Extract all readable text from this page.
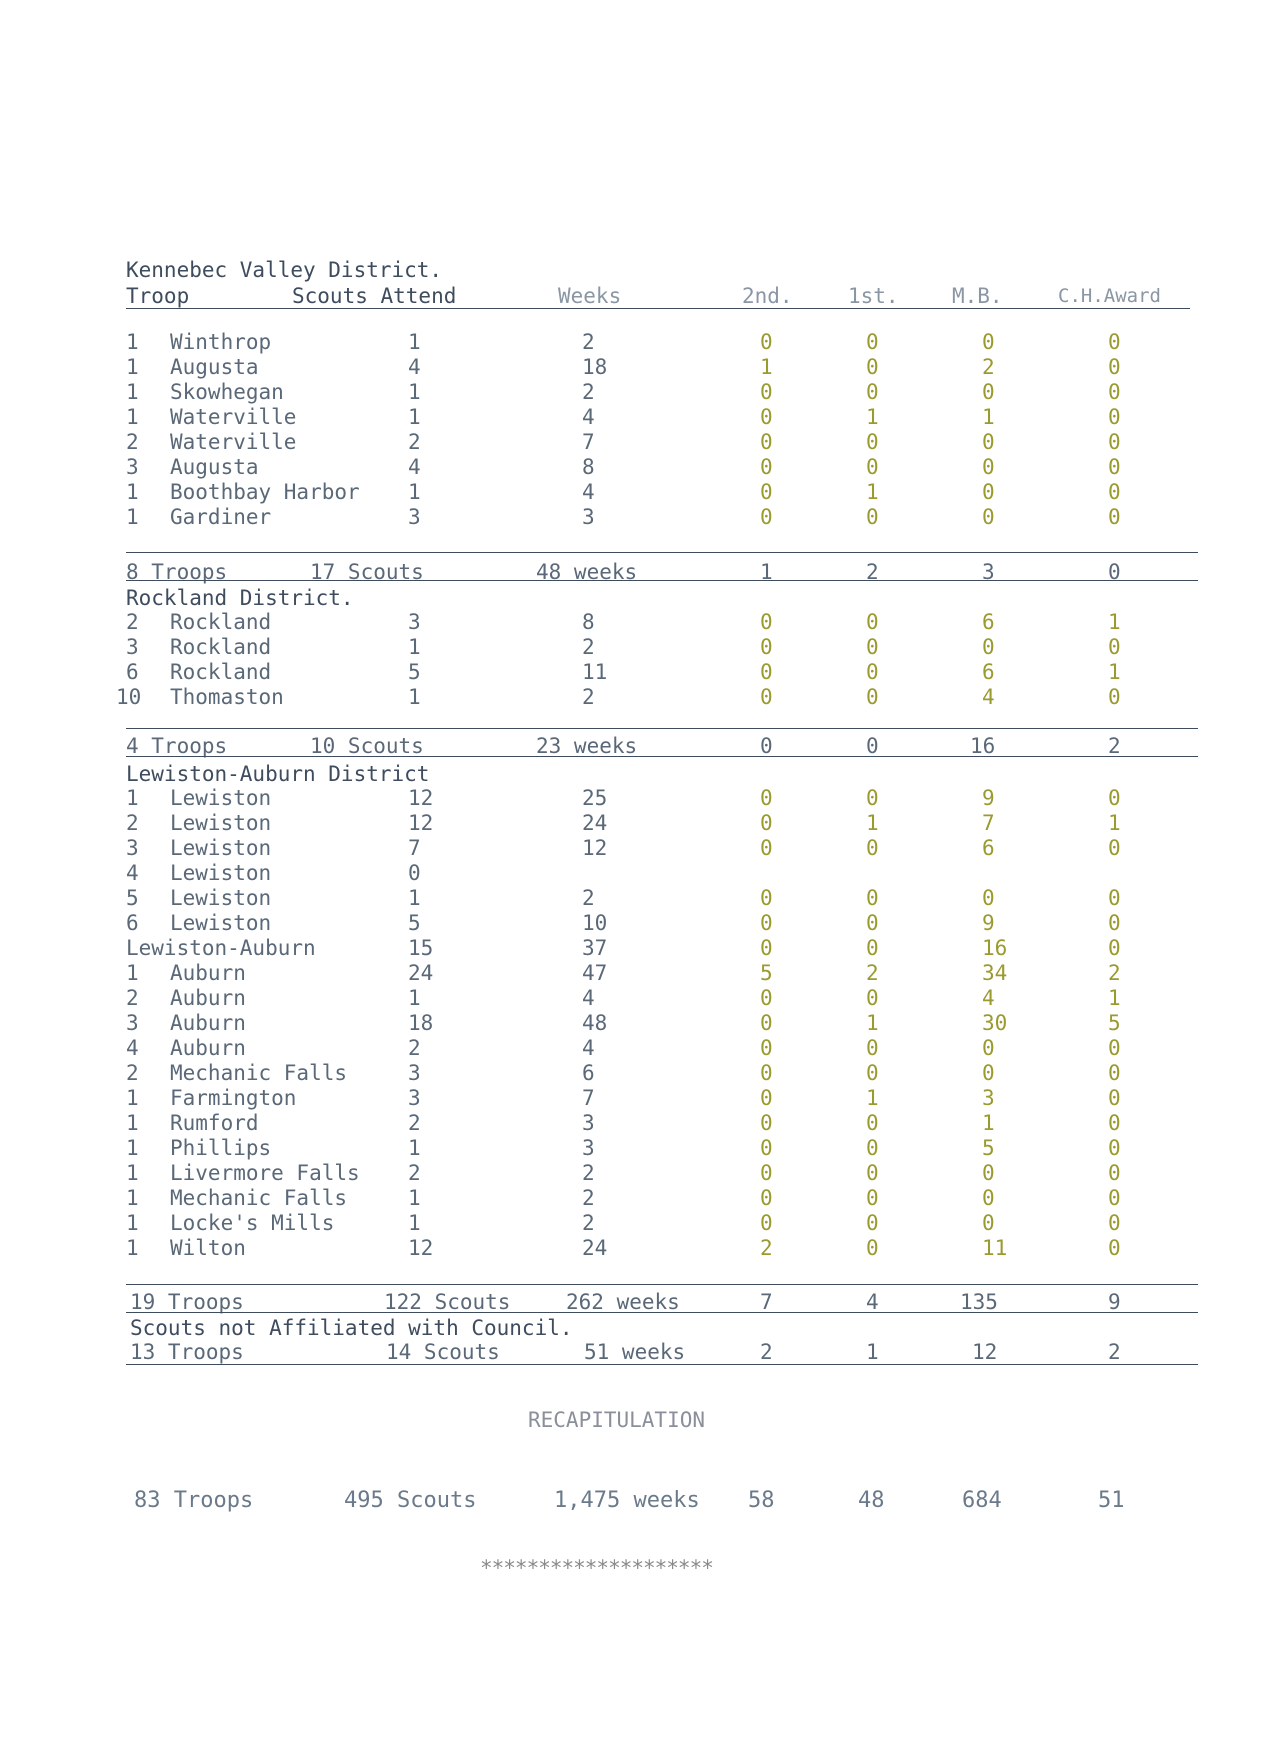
Kennebec Valley District.
Troop	Scouts Attend	Weeks	2nd.	1st.	M.B.	C.H.Award
1 Winthrop	1	2	0	0	0	0
1 Augusta	4	18	1	0	2	0
1 Skowhegan	1	2	0	0	0	0
1 Waterville	1	4	0	1	1	0
2 Waterville	2	7	0	0	0	0
3 Augusta	4	8	0	0	0	0
1 Boothbay Harbor 1	4	0	1	0	0
1 Gardiner	3	3	0	0	0	0
8 Troops	17 Scouts	48 weeks	1	2	3	0
Rockland District.
2 Rockland	3	8	0	0	6	1
3 Rockland	1	2	0	0	0	0
6 Rockland	5	11	0	0	6	1
10 Thomaston	1	2	0	0	4	0
4 Troops	10 Scouts	23 weeks	0	0	16	2
Lewiston-Auburn District
1 Lewiston	12	25	0	0	9	0
2 Lewiston	12	24	0	1	7	1
3 Lewiston	7	12	0	0	6	0
4 Lewiston	0
5 Lewiston	1	2	0	0	0	0
6 Lewiston	5	10	0	0	9	0
Lewiston-Auburn	15	37	0	0	16	0
1 Auburn	24	47	5	2	34	2
2 Auburn	1	4	0	0	4	1
3 Auburn	18	48	0	1	30	5
4 Auburn	2	4	0	0	0	0
2 Mechanic Falls	3	6	0	0	0	0
1 Farmington	3	7	0	1	3	0
1 Rumford	2	3	0	0	1	0
1 Phillips	1	3	0	0	5	0
1 Livermore Falls 2	2	0	0	0	0
1 Mechanic Falls	1	2	0	0	0	0
1 Locke's Mills	1	2	0	0	0	0
1 Wilton	12	24	2	0	11	0
19 Troops	122 Scouts	262 weeks	7	4	135	9
Scouts not Affiliated with Council.
13 Troops	14 Scouts	51 weeks	2	1	12	2
RECAPITULATION
83 Troops	495 Scouts	1,475 weeks 58	48	684	51
********************
